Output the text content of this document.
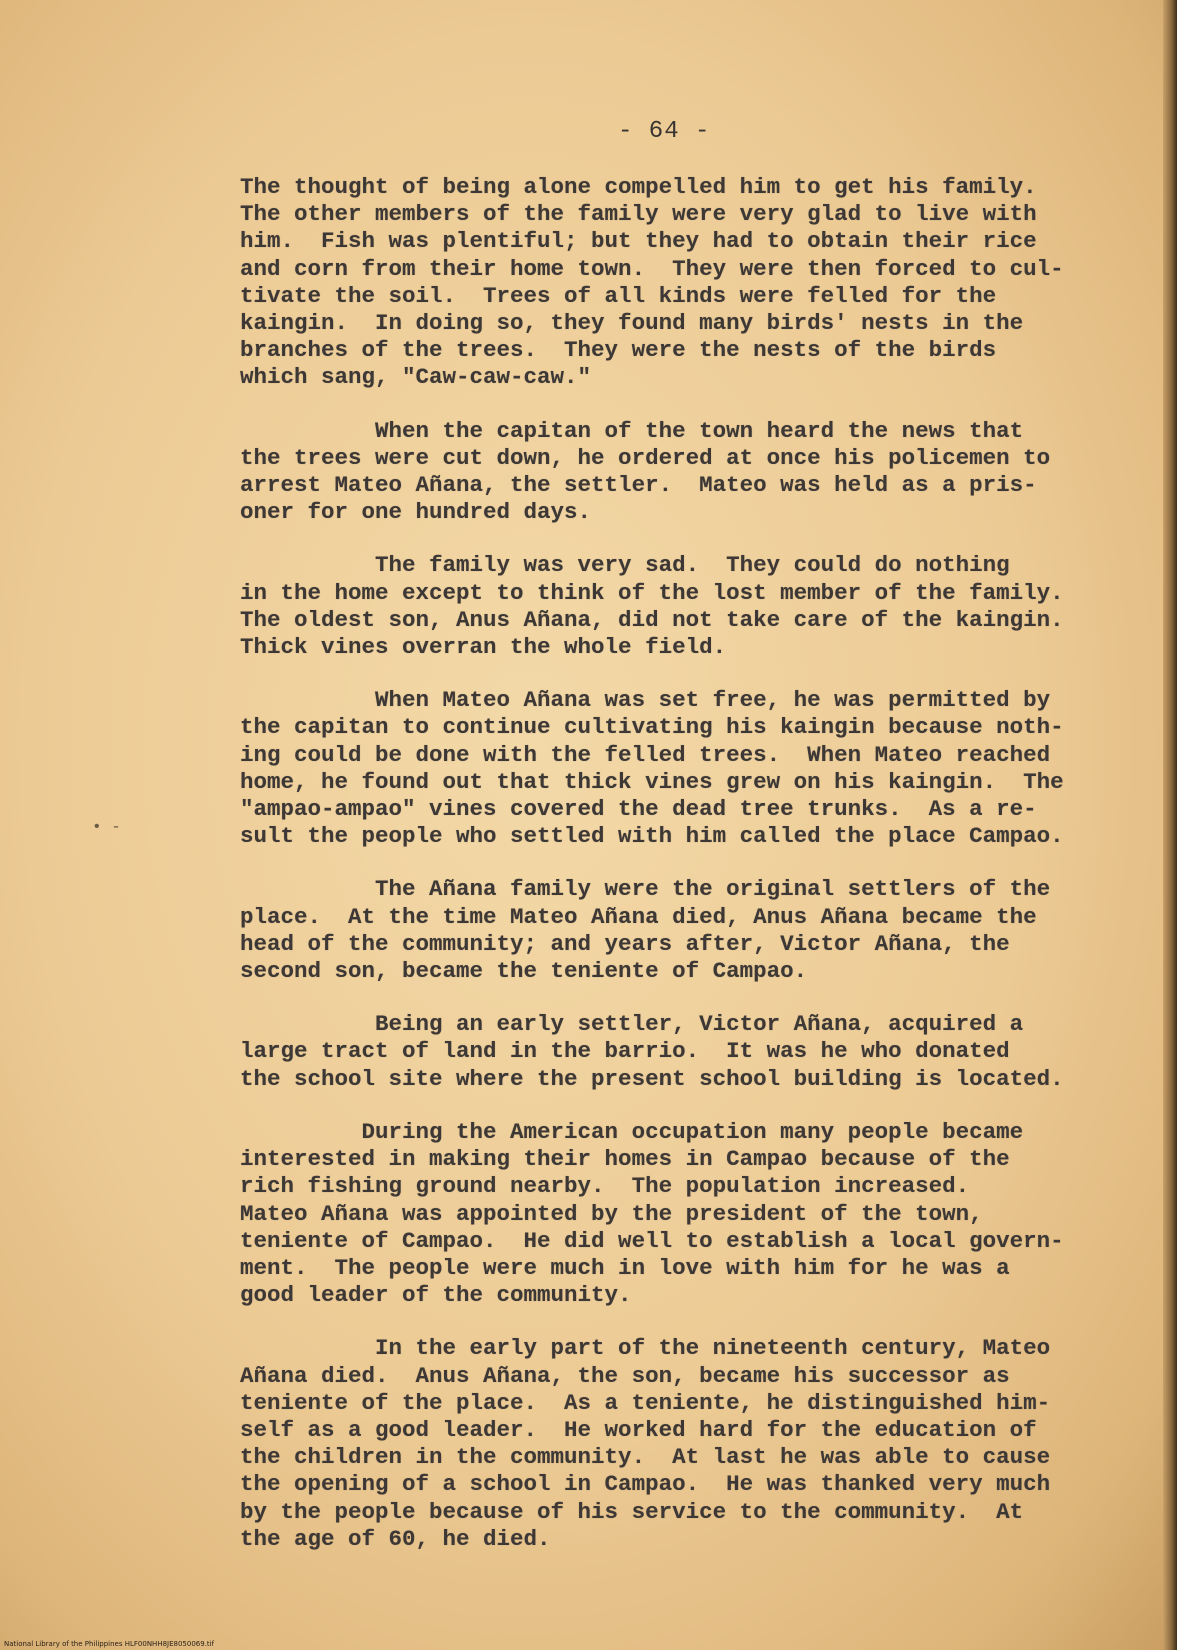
- 64 -
The thought of being alone compelled him to get his family.
The other members of the family were very glad to live with
him.  Fish was plentiful; but they had to obtain their rice
and corn from their home town.  They were then forced to cul-
tivate the soil.  Trees of all kinds were felled for the
kaingin.  In doing so, they found many birds' nests in the
branches of the trees.  They were the nests of the birds
which sang, "Caw-caw-caw."
When the capitan of the town heard the news that
the trees were cut down, he ordered at once his policemen to
arrest Mateo Añana, the settler.  Mateo was held as a pris-
oner for one hundred days.
The family was very sad.  They could do nothing
in the home except to think of the lost member of the family.
The oldest son, Anus Añana, did not take care of the kaingin.
Thick vines overran the whole field.
When Mateo Añana was set free, he was permitted by
the capitan to continue cultivating his kaingin because noth-
ing could be done with the felled trees.  When Mateo reached
home, he found out that thick vines grew on his kaingin.  The
"ampao-ampao" vines covered the dead tree trunks.  As a re-
sult the people who settled with him called the place Campao.
The Añana family were the original settlers of the
place.  At the time Mateo Añana died, Anus Añana became the
head of the community; and years after, Victor Añana, the
second son, became the teniente of Campao.
Being an early settler, Victor Añana, acquired a
large tract of land in the barrio.  It was he who donated
the school site where the present school building is located.
During the American occupation many people became
interested in making their homes in Campao because of the
rich fishing ground nearby.  The population increased.
Mateo Añana was appointed by the president of the town,
teniente of Campao.  He did well to establish a local govern-
ment.  The people were much in love with him for he was a
good leader of the community.
In the early part of the nineteenth century, Mateo
Añana died.  Anus Añana, the son, became his successor as
teniente of the place.  As a teniente, he distinguished him-
self as a good leader.  He worked hard for the education of
the children in the community.  At last he was able to cause
the opening of a school in Campao.  He was thanked very much
by the people because of his service to the community.  At
the age of 60, he died.
• -
National Library of the Philippines HLF00NHH8JE8050069.tif
